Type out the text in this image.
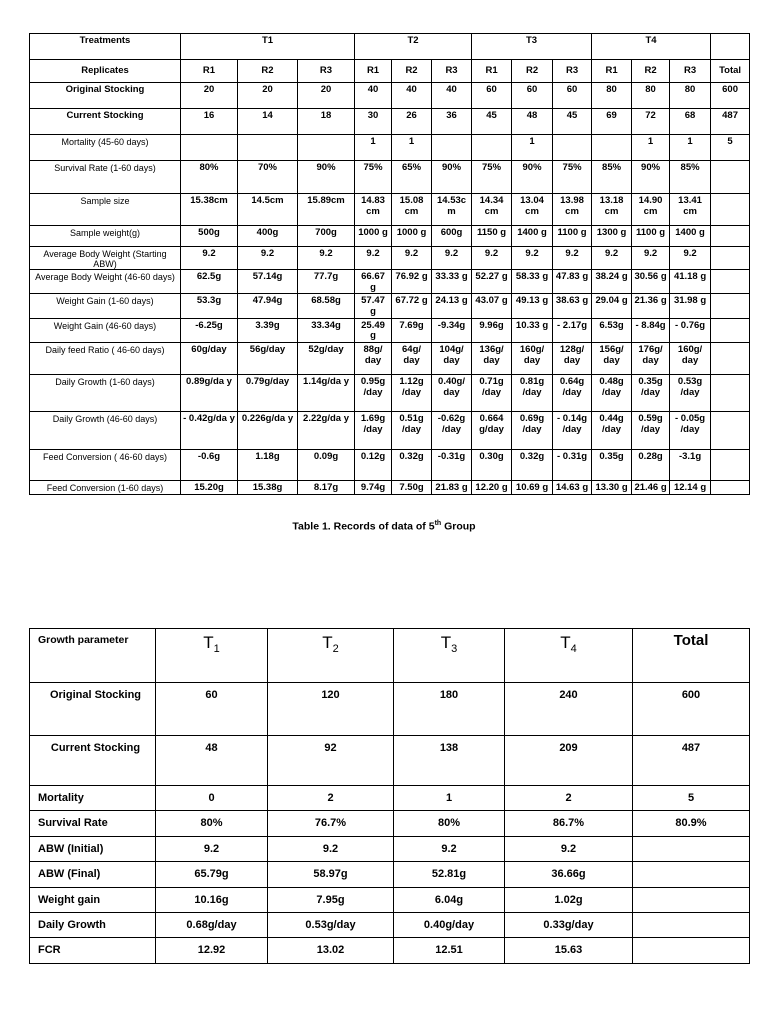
Treatments	T1			T2			T3			T4			
Replicates	R1	R2	R3	R1	R2	R3	R1	R2	R3	R1	R2	R3	Total
Original Stocking	20	20	20	40	40	40	60	60	60	80	80	80	600
Current Stocking	16	14	18	30	26	36	45	48	45	69	72	68	487
Mortality (45-60 days)				1	1			1			1	1	5
Survival Rate (1-60 days)	80%	70%	90%	75%	65%	90%	75%	90%	75%	85%	90%	85%	
Sample size	15.38cm	14.5cm	15.89cm	14.83 cm	15.08 cm	14.53c m	14.34 cm	13.04 cm	13.98 cm	13.18 cm	14.90 cm	13.41 cm	
Sample weight(g)	500g	400g	700g	1000 g	1000 g	600g	1150 g	1400 g	1100 g	1300 g	1100 g	1400 g	
Average Body Weight (Starting ABW)	9.2	9.2	9.2	9.2	9.2	9.2	9.2	9.2	9.2	9.2	9.2	9.2	
Average Body Weight (46-60 days)	62.5g	57.14g	77.7g	66.67 g	76.92 g	33.33 g	52.27 g	58.33 g	47.83 g	38.24 g	30.56 g	41.18 g	
Weight Gain (1-60 days)	53.3g	47.94g	68.58g	57.47 g	67.72 g	24.13 g	43.07 g	49.13 g	38.63 g	29.04 g	21.36 g	31.98 g	
Weight Gain (46-60 days)	-6.25g	3.39g	33.34g	25.49 g	7.69g	-9.34g	9.96g	10.33 g	- 2.17g	6.53g	- 8.84g	- 0.76g	
Daily feed Ratio ( 46-60 days)	60g/day	56g/day	52g/day	88g/ day	64g/ day	104g/ day	136g/ day	160g/ day	128g/ day	156g/ day	176g/ day	160g/ day	
Daily Growth (1-60 days)	0.89g/da y	0.79g/day	1.14g/da y	0.95g /day	1.12g /day	0.40g/ day	0.71g /day	0.81g /day	0.64g /day	0.48g /day	0.35g /day	0.53g /day	
Daily Growth (46-60 days)	- 0.42g/da y	0.226g/da y	2.22g/da y	1.69g /day	0.51g /day	-0.62g /day	0.664 g/day	0.69g /day	- 0.14g /day	0.44g /day	0.59g /day	- 0.05g /day	
Feed Conversion ( 46-60 days)	-0.6g	1.18g	0.09g	0.12g	0.32g	-0.31g	0.30g	0.32g	- 0.31g	0.35g	0.28g	-3.1g	
Feed Conversion (1-60 days)	15.20g	15.38g	8.17g	9.74g	7.50g	21.83 g	12.20 g	10.69 g	14.63 g	13.30 g	21.46 g	12.14 g	
Table 1. Records of data of 5th Group
Growth parameter	$T_1$	$T_2$	$T_3$	$T_4$	Total
Original Stocking	60	120	180	240	600
Current Stocking	48	92	138	209	487
Mortality	0	2	1	2	5
Survival Rate	80%	76.7%	80%	86.7%	80.9%
ABW (Initial)	9.2	9.2	9.2	9.2	
ABW (Final)	65.79g	58.97g	52.81g	36.66g	
Weight gain	10.16g	7.95g	6.04g	1.02g	
Daily Growth	0.68g/day	0.53g/day	0.40g/day	0.33g/day	
FCR	12.92	13.02	12.51	15.63	
